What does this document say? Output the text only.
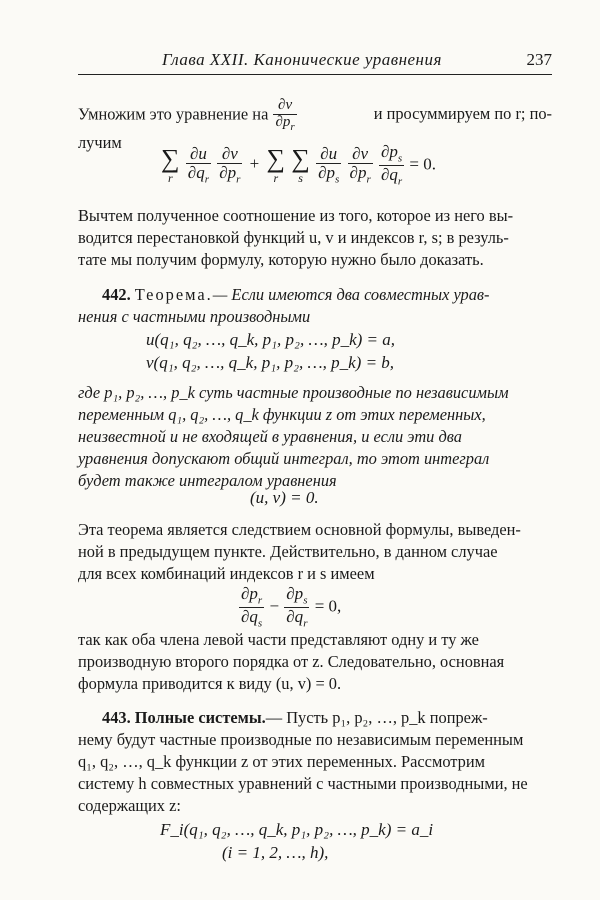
Глава XXII. Канонические уравнения	237
Умножим это уравнение на $\frac{\partial v}{\partial p_r}$	и просуммируем по r; по-
лучим
∑
r
$\frac{\partial u}{\partial q_r}$
$\frac{\partial v}{\partial p_r}$ + ∑
r

∑
s
$\frac{\partial u}{\partial p_s}$
$\frac{\partial v}{\partial p_r}$
$\frac{\partial p_s}{\partial q_r} = 0$.
Вычтем полученное соотношение из того, которое из него вы-
водится перестановкой функций u, v и индексов r, s; в резуль-
тате мы получим формулу, которую нужно было доказать.
442. Теорема.— Если имеются два совместных урав-
нения с частными производными
u(q₁, q₂, …, q_k, p₁, p₂, …, p_k) = a,
v(q₁, q₂, …, q_k, p₁, p₂, …, p_k) = b,
где p₁, p₂, …, p_k суть частные производные по независимым
переменным q₁, q₂, …, q_k функции z от этих переменных,
неизвестной и не входящей в уравнения, и если эти два
уравнения допускают общий интеграл, то этот интеграл
будет также интегралом уравнения
(u, v) = 0.
Эта теорема является следствием основной формулы, выведен-
ной в предыдущем пункте. Действительно, в данном случае
для всех комбинаций индексов r и s имеем
$\frac{\partial p_r}{\partial q_s} - \frac{\partial p_s}{\partial q_r} = 0$,
так как оба члена левой части представляют одну и ту же
производную второго порядка от z. Следовательно, основная
формула приводится к виду (u, v) = 0.
443. Полные системы.— Пусть p₁, p₂, …, p_k попреж-
нему будут частные производные по независимым переменным
q₁, q₂, …, q_k функции z от этих переменных. Рассмотрим
систему h совместных уравнений с частными производными, не
содержащих z:
F_i(q₁, q₂, …, q_k, p₁, p₂, …, p_k) = a_i
(i = 1, 2, …, h),
